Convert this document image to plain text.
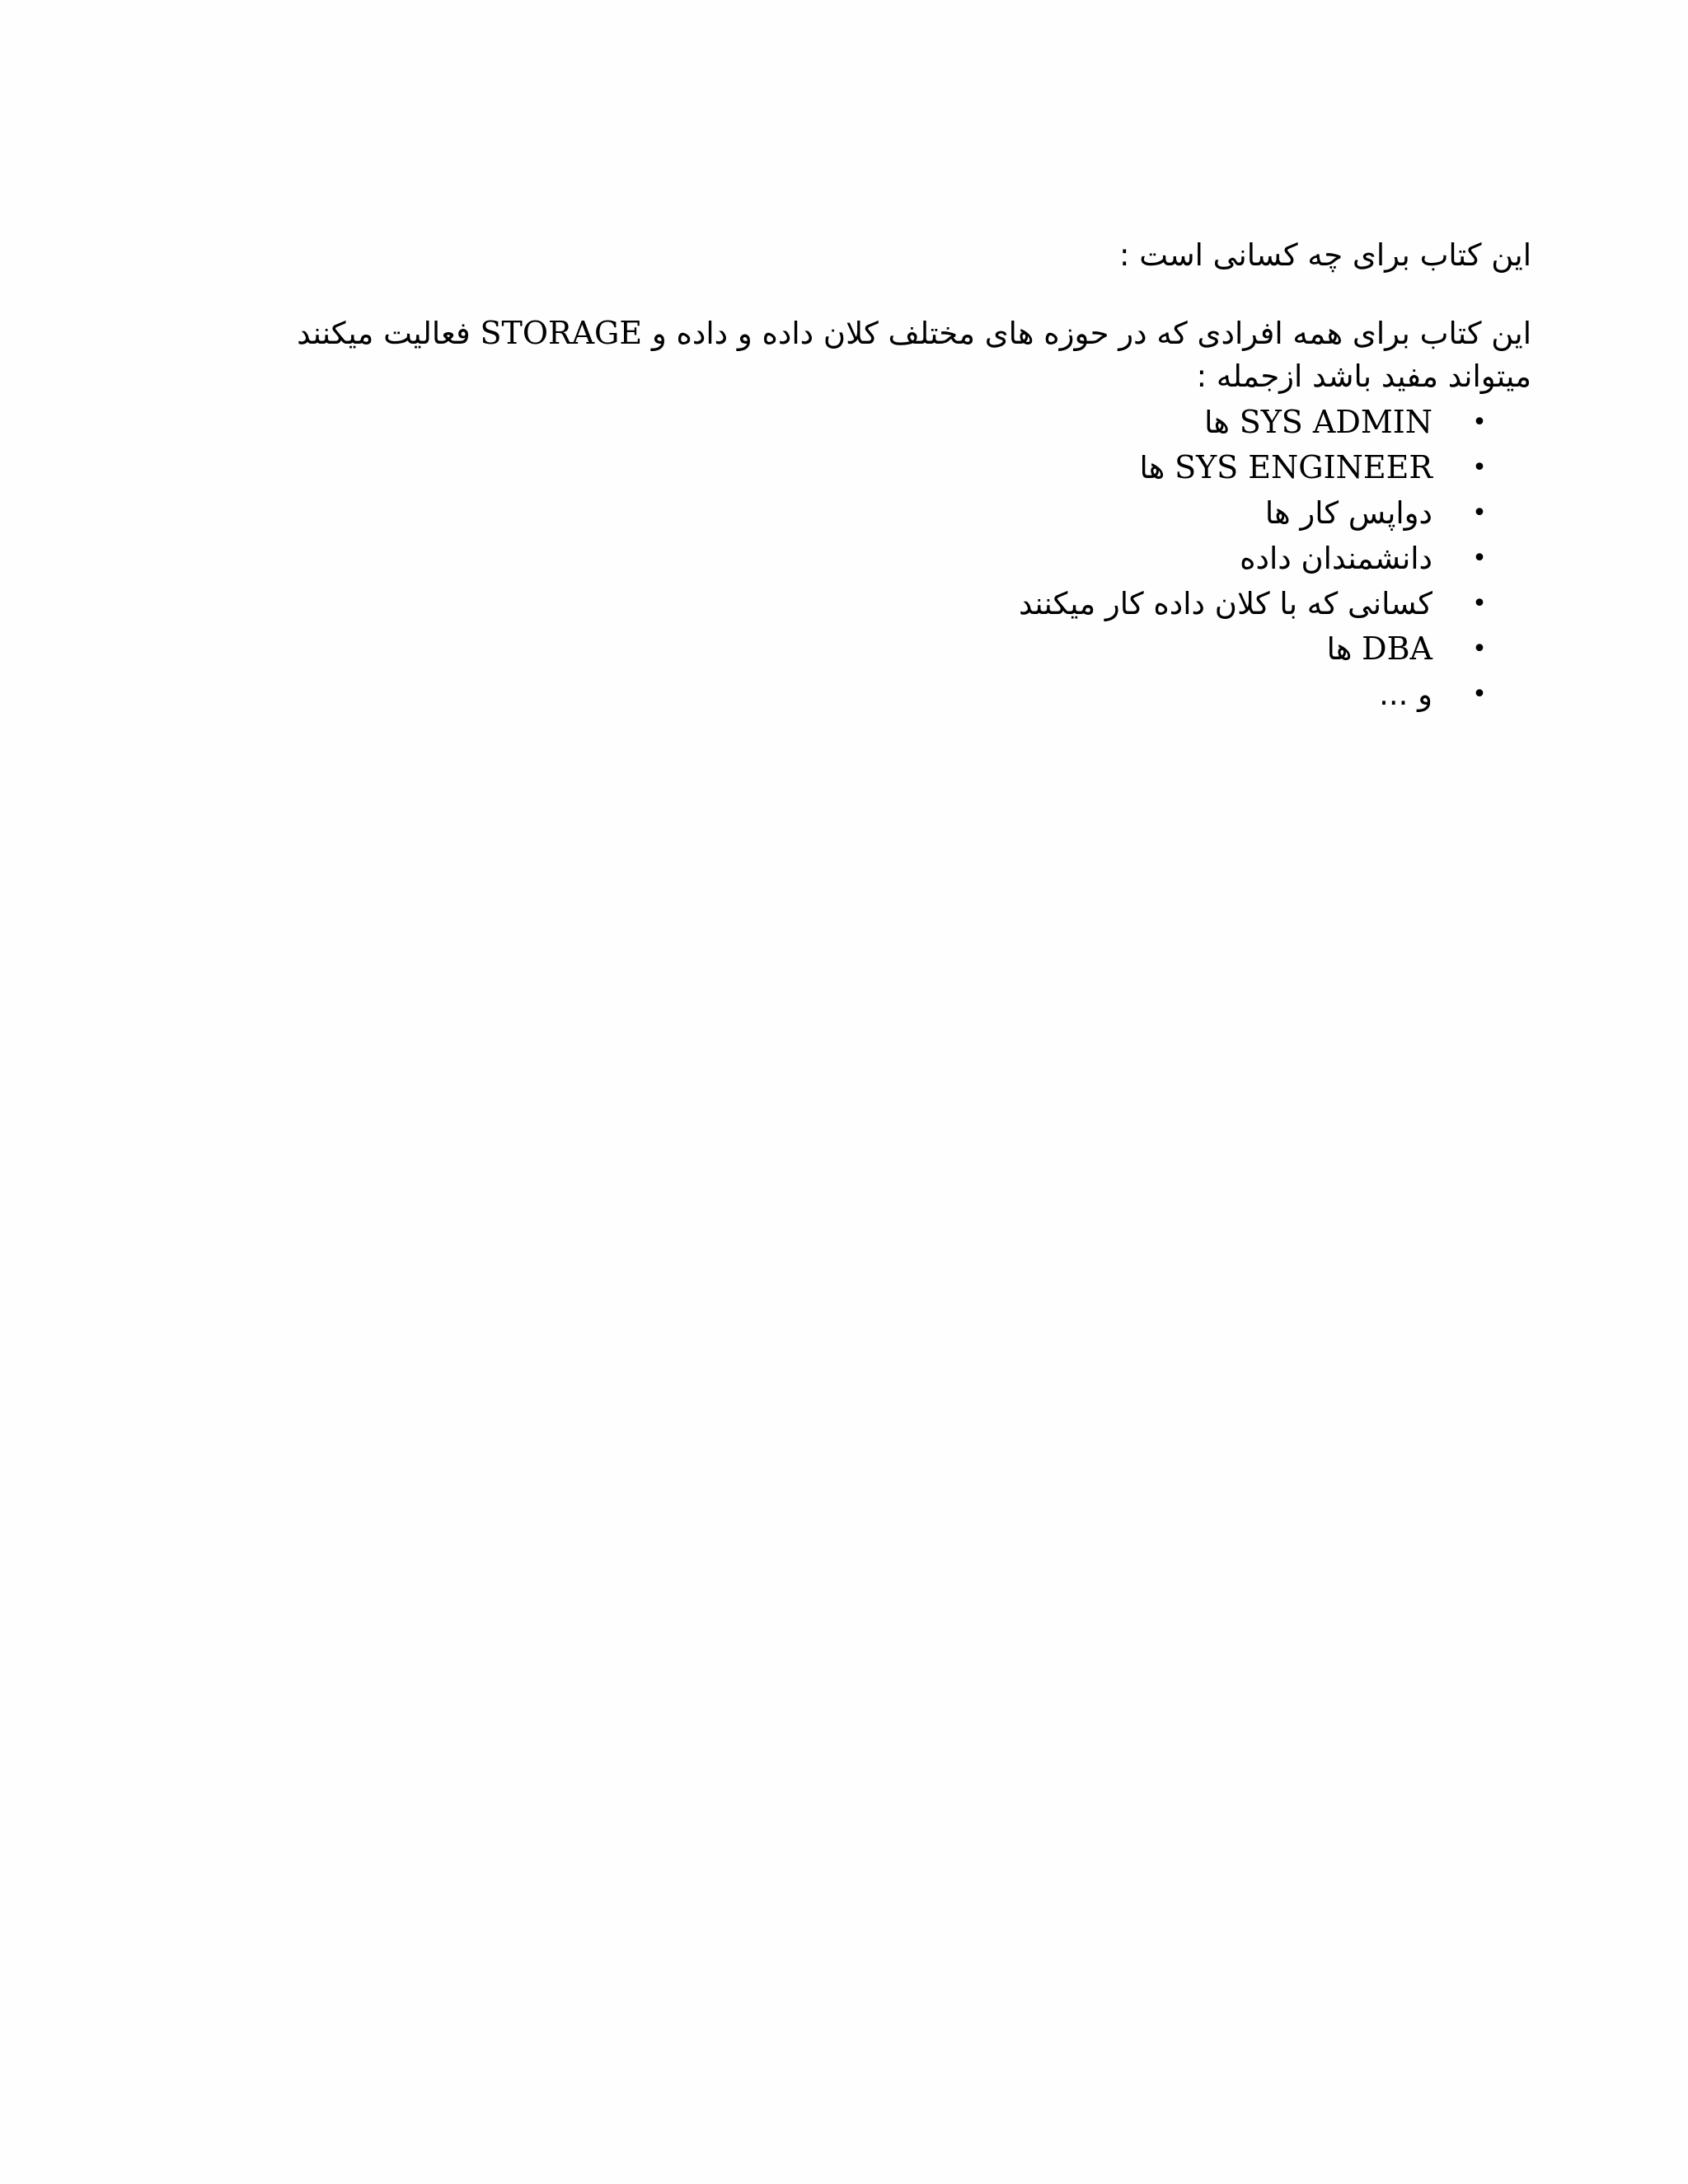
این کتاب برای چه کسانی است :

این کتاب برای همه افرادی که در حوزه های مختلف کلان داده و داده و STORAGE فعالیت میکنند میتواند مفید باشد ازجمله :

•
SYS ADMIN ها
•
SYS ENGINEER ها
•
دواپس کار ها
•
دانشمندان داده
•
کسانی که با کلان داده کار میکنند
•
DBA ها
•
و ...
